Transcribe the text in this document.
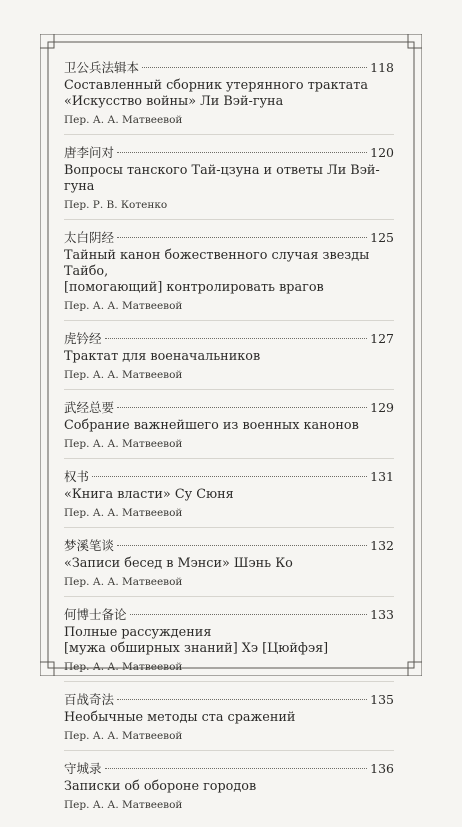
卫公兵法辑本	118
Составленный сборник утерянного трактата
«Искусство войны» Ли Вэй-гуна
Пер. А. А. Матвеевой
唐李问对	120
Вопросы танского Тай-цзуна и ответы Ли Вэй-гуна
Пер. Р. В. Котенко
太白阴经	125
Тайный канон божественного случая звезды Тайбо,
[помогающий] контролировать врагов
Пер. А. А. Матвеевой
虎钤经	127
Трактат для военачальников
Пер. А. А. Матвеевой
武经总要	129
Собрание важнейшего из военных канонов
Пер. А. А. Матвеевой
权书	131
«Книга власти» Су Сюня
Пер. А. А. Матвеевой
梦溪笔谈	132
«Записи бесед в Мэнси» Шэнь Ко
Пер. А. А. Матвеевой
何博士备论	133
Полные рассуждения
[мужа обширных знаний] Хэ [Цюйфэя]
Пер. А. А. Матвеевой
百战奇法	135
Необычные методы ста сражений
Пер. А. А. Матвеевой
守城录	136
Записки об обороне городов
Пер. А. А. Матвеевой
